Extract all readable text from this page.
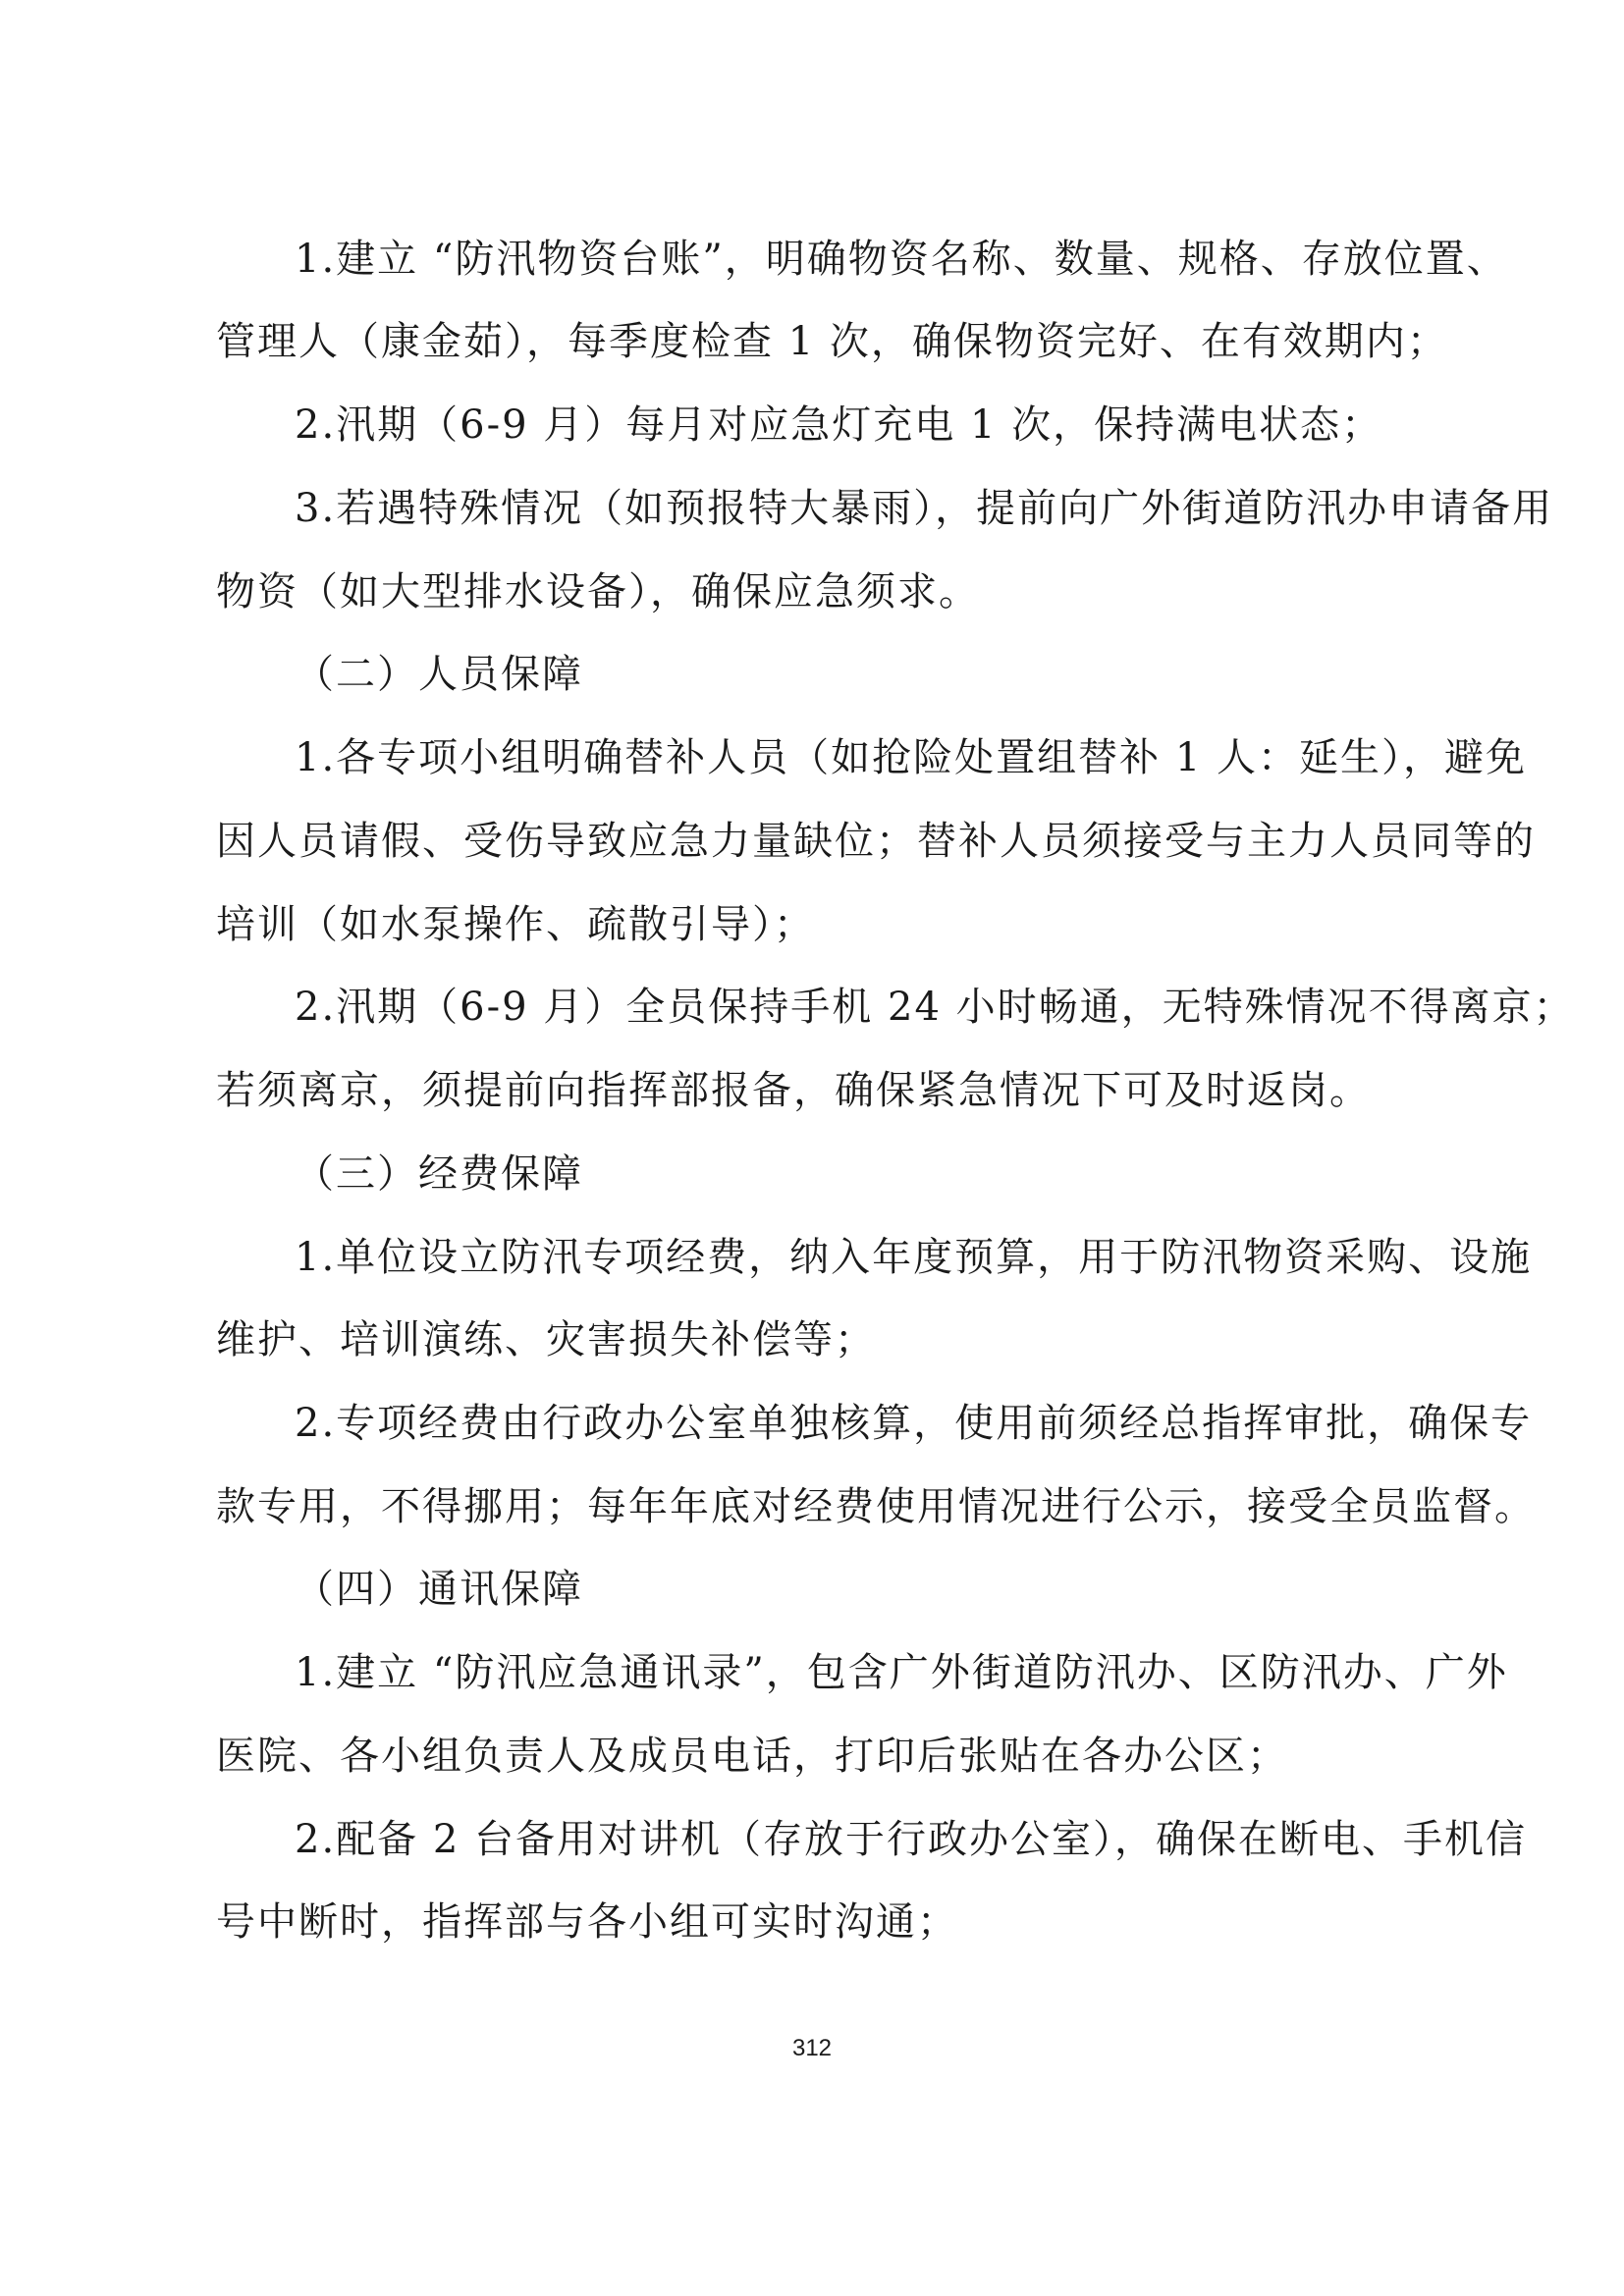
1.建立 “防汛物资台账”，明确物资名称、数量、规格、存放位置、
管理人（康金茹），每季度检查 1 次，确保物资完好、在有效期内；
2.汛期（6-9 月）每月对应急灯充电 1 次，保持满电状态；
3.若遇特殊情况（如预报特大暴雨），提前向广外街道防汛办申请备用
物资（如大型排水设备），确保应急须求。
（二）人员保障
1.各专项小组明确替补人员（如抢险处置组替补 1 人：延生），避免
因人员请假、受伤导致应急力量缺位；替补人员须接受与主力人员同等的
培训（如水泵操作、疏散引导）；
2.汛期（6-9 月）全员保持手机 24 小时畅通，无特殊情况不得离京；
若须离京，须提前向指挥部报备，确保紧急情况下可及时返岗。
（三）经费保障
1.单位设立防汛专项经费，纳入年度预算，用于防汛物资采购、设施
维护、培训演练、灾害损失补偿等；
2.专项经费由行政办公室单独核算，使用前须经总指挥审批，确保专
款专用，不得挪用；每年年底对经费使用情况进行公示，接受全员监督。
（四）通讯保障
1.建立 “防汛应急通讯录”，包含广外街道防汛办、区防汛办、广外
医院、各小组负责人及成员电话，打印后张贴在各办公区；
2.配备 2 台备用对讲机（存放于行政办公室），确保在断电、手机信
号中断时，指挥部与各小组可实时沟通；
312
